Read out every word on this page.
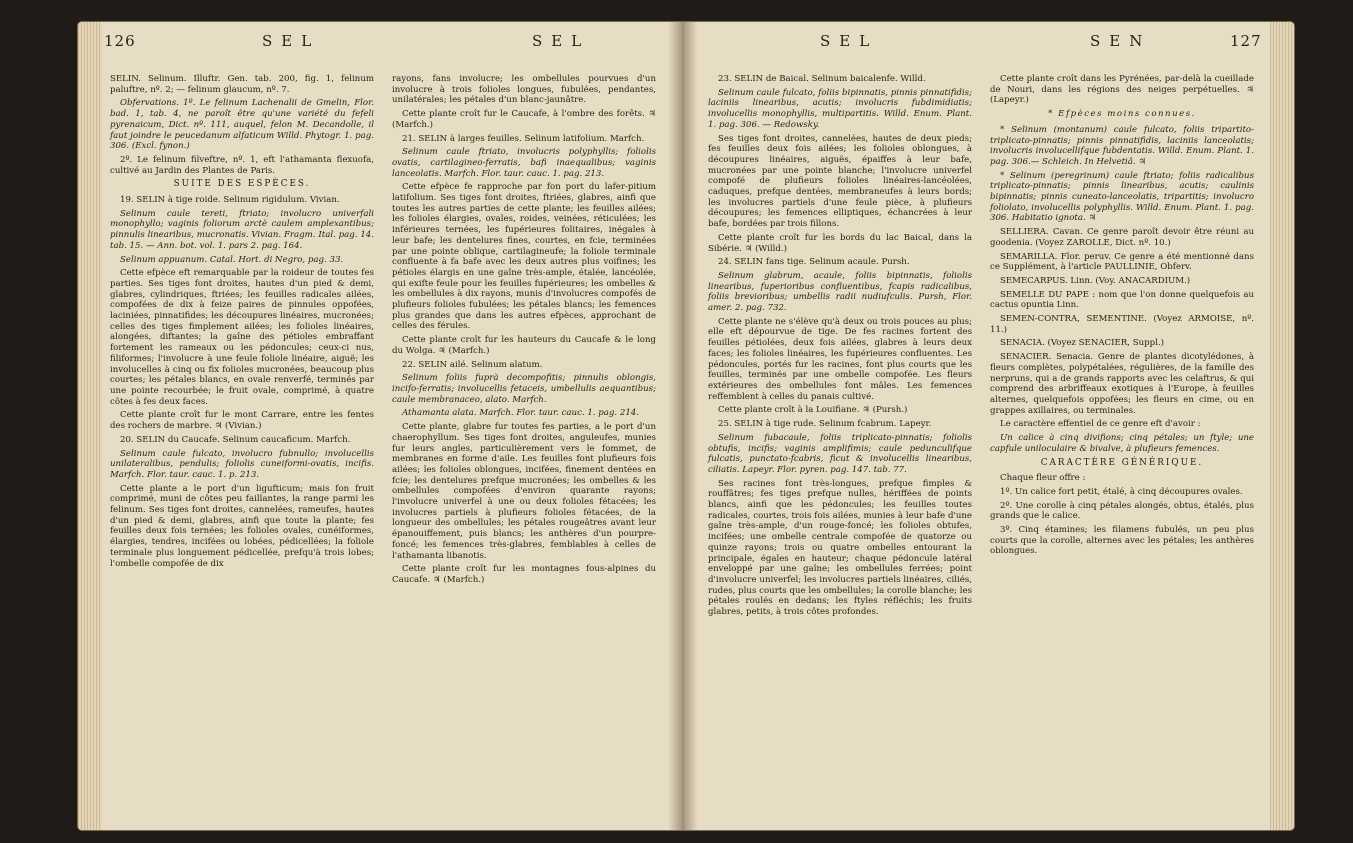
126	SEL	SEL

SELIN. Selinum. Illuftr. Gen. tab. 200, fig. 1, felinum paluftre, nº. 2; — felinum glaucum, nº. 7.

Obfervations. 1º. Le felinum Lachenalii de Gmelin, Flor. bad. 1, tab. 4, ne paroît être qu'une variété du fefeli pyrenaicum, Dict. nº. 111, auquel, felon M. Decandolle, il faut joindre le peucedanum alfaticum Willd. Phytogr. 1. pag. 306. (Excl. fynon.)

2º. Le felinum filveftre, nº. 1, eft l'athamanta flexuofa, cultivé au Jardin des Plantes de Paris.

SUITE DES ESPÈCES.

19. SELIN à tige roide. Selinum rigidulum. Vivian.

Selinum caule tereti, ftriato; involucro univerfali monophyllo; vaginis foliorum arctè caulem amplexantibus; pinnulis linearibus, mucronatis. Vivian. Fragm. Ital. pag. 14. tab. 15. — Ann. bot. vol. 1. pars 2. pag. 164.

Selinum appuanum. Catal. Hort. di Negro, pag. 33.

Cette efpèce eft remarquable par la roideur de toutes fes parties. Ses tiges font droites, hautes d'un pied & demi, glabres, cylindriques, ftriées; les feuilles radicales ailées, compofées de dix à feize paires de pinnules oppofées, laciniées, pinnatifides; les découpures linéaires, mucronées; celles des tiges fimplement ailées; les folioles linéaires, alongées, diftantes; la gaîne des pétioles embraffant fortement les rameaux ou les pédoncules; ceux-ci nus, filiformes; l'involucre à une feule foliole linéaire, aiguë; les involucelles à cinq ou fix folioles mucronées, beaucoup plus courtes; les pétales blancs, en ovale renverfé, terminés par une pointe recourbée; le fruit ovale, comprimé, à quatre côtes à fes deux faces.

Cette plante croît fur le mont Carrare, entre les fentes des rochers de marbre. ♃ (Vivian.)

20. SELIN du Caucafe. Selinum caucaficum. Marfch.

Selinum caule fulcato, involucro fubnullo; involucellis unilateralibus, pendulis; foliolis cuneiformi-ovatis, incifis. Marfch. Flor. taur. cauc. 1. p. 213.

Cette plante a le port d'un ligufticum; mais fon fruit comprimé, muni de côtes peu faillantes, la range parmi les felinum. Ses tiges font droites, cannelées, rameufes, hautes d'un pied & demi, glabres, ainfi que toute la plante; fes feuilles deux fois ternées; les folioles ovales, cunéiformes, élargies, tendres, incifées ou lobées, pédicellées; la foliole terminale plus longuement pédicellée, prefqu'à trois lobes; l'ombelle compofée de dix

rayons, fans involucre; les ombellules pourvues d'un involucre à trois folioles longues, fubulées, pendantes, unilatérales; les pétales d'un blanc-jaunâtre.

Cette plante croît fur le Caucafe, à l'ombre des forêts. ♃ (Marfch.)

21. SELIN à larges feuilles. Selinum latifolium. Marfch.

Selinum caule ftriato, involucris polyphyllis; foliolis ovatis, cartilagineo-ferratis, bafi inaequalibus; vaginis lanceolatis. Marfch. Flor. taur. cauc. 1. pag. 213.

Cette efpèce fe rapproche par fon port du lafer-pitium latifolium. Ses tiges font droites, ftriées, glabres, ainfi que toutes les autres parties de cette plante; les feuilles ailées; les folioles élargies, ovales, roides, veinées, réticulées; les inférieures ternées, les fupérieures folitaires, inégales à leur bafe; les dentelures fines, courtes, en fcie, terminées par une pointe oblique, cartilagineufe; la foliole terminale confluente à fa bafe avec les deux autres plus voifines; les pétioles élargis en une gaîne très-ample, étalée, lancéolée, qui exifte feule pour les feuilles fupérieures; les ombelles & les ombellules à dix rayons, munis d'involucres compofés de plufieurs folioles fubulées; les pétales blancs; les femences plus grandes que dans les autres efpèces, approchant de celles des férules.

Cette plante croît fur les hauteurs du Caucafe & le long du Wolga. ♃ (Marfch.)

22. SELIN ailé. Selinum alatum.

Selinum foliis fuprà decompofitis; pinnulis oblongis, incifo-ferratis; involucellis fetaceis, umbellulis aequantibus; caule membranaceo, alato. Marfch.

Athamanta alata. Marfch. Flor. taur. cauc. 1. pag. 214.

Cette plante, glabre fur toutes fes parties, a le port d'un chaerophyllum. Ses tiges font droites, anguleufes, munies fur leurs angles, particulièrement vers le fommet, de membranes en forme d'aile. Les feuilles font plufieurs fois ailées; les folioles oblongues, incifées, finement dentées en fcie; les dentelures prefque mucronées; les ombelles & les ombellules compofées d'environ quarante rayons; l'involucre univerfel à une ou deux folioles fétacées; les involucres partiels à plufieurs folioles fétacées, de la longueur des ombellules; les pétales rougeâtres avant leur épanouiffement, puis blancs; les anthères d'un pourpre-foncé; les femences très-glabres, femblables à celles de l'athamanta libanotis.

Cette plante croît fur les montagnes fous-alpines du Caucafe. ♃ (Marfch.)

SEL	SEN	127

23. SELIN de Baical. Selinum baicalenfe. Willd.

Selinum caule fulcato, foliis bipinnatis, pinnis pinnatifidis; laciniis linearibus, acutis; involucris fubdimidiatis; involucellis monophyllis, multipartitis. Willd. Enum. Plant. 1. pag. 306. — Redowsky.

Ses tiges font droites, cannelées, hautes de deux pieds; fes feuilles deux fois ailées; les folioles oblongues, à découpures linéaires, aiguës, épaiffes à leur bafe, mucronées par une pointe blanche; l'involucre univerfel compofé de plufieurs folioles linéaires-lancéolées, caduques, prefque dentées, membraneufes à leurs bords; les involucres partiels d'une feule pièce, à plufieurs découpures; les femences elliptiques, échancrées à leur bafe, bordées par trois fillons.

Cette plante croît fur les bords du lac Baical, dans la Sibérie. ♃ (Willd.)

24. SELIN fans tige. Selinum acaule. Pursh.

Selinum glabrum, acaule, foliis bipinnatis, foliolis linearibus, fuperioribus confluentibus, fcapis radicalibus, foliis brevioribus; umbellis radii nudiufculis. Pursh, Flor. amer. 2. pag. 732.

Cette plante ne s'élève qu'à deux ou trois pouces au plus; elle eft dépourvue de tige. De fes racines fortent des feuilles pétiolées, deux fois ailées, glabres à leurs deux faces; les folioles linéaires, les fupérieures confluentes. Les pédoncules, portés fur les racines, font plus courts que les feuilles, terminés par une ombelle compofée. Les fleurs extérieures des ombellules font mâles. Les femences reffemblent à celles du panais cultivé.

Cette plante croît à la Louifiane. ♃ (Pursh.)

25. SELIN à tige rude. Selinum fcabrum. Lapeyr.

Selinum fubacaule, foliis triplicato-pinnatis; foliolis obtufis, incifis; vaginis amplifimis; caule pedunculifque fulcatis, punctato-fcabris, ficut & involucellis linearibus, ciliatis. Lapeyr. Flor. pyren. pag. 147. tab. 77.

Ses racines font très-longues, prefque fimples & rouffâtres; fes tiges prefque nulles, hériffées de points blancs, ainfi que les pédoncules; les feuilles toutes radicales, courtes, trois fois ailées, munies à leur bafe d'une gaîne très-ample, d'un rouge-foncé; les folioles obtufes, incifées; une ombelle centrale compofée de quatorze ou quinze rayons; trois ou quatre ombelles entourant la principale, égales en hauteur; chaque pédoncule latéral enveloppé par une gaîne; les ombellules ferrées; point d'involucre univerfel; les involucres partiels linéaires, ciliés, rudes, plus courts que les ombellules; la corolle blanche; les pétales roulés en dedans; les ftyles réfléchis; les fruits glabres, petits, à trois côtes profondes.

Cette plante croît dans les Pyrénées, par-delà la cueillade de Nouri, dans les régions des neiges perpétuelles. ♃ (Lapeyr.)

* Efpèces moins connues.

* Selinum (montanum) caule fulcato, foliis tripartito-triplicato-pinnatis; pinnis pinnatifidis, laciniis lanceolatis; involucris involucellifque fubdentatis. Willd. Enum. Plant. 1. pag. 306.— Schleich. In Helvetiâ. ♃

* Selinum (peregrinum) caule ftriato; foliis radicalibus triplicato-pinnatis; pinnis linearibus, acutis; caulinis bipinnatis; pinnis cuneato-lanceolatis, tripartitis; involucro foliolato, involucellis polyphyllis. Willd. Enum. Plant. 1. pag. 306. Habitatio ignota. ♃

SELLIERA. Cavan. Ce genre paroît devoir être réuni au goodenia. (Voyez ZAROLLE, Dict. nº. 10.)

SEMARILLA. Flor. peruv. Ce genre a été mentionné dans ce Supplément, à l'article PAULLINIE, Obferv.

SEMECARPUS. Linn. (Voy. ANACARDIUM.)

SEMELLE DU PAPE : nom que l'on donne quelquefois au cactus opuntia Linn.

SEMEN-CONTRA, SEMENTINE. (Voyez ARMOISE, nº. 11.)

SENACIA. (Voyez SENACIER, Suppl.)

SENACIER. Senacia. Genre de plantes dicotylédones, à fleurs complètes, polypétalées, régulières, de la famille des nerpruns, qui a de grands rapports avec les celaftrus, & qui comprend des arbriffeaux exotiques à l'Europe, à feuilles alternes, quelquefois oppofées; les fleurs en cime, ou en grappes axillaires, ou terminales.

Le caractère effentiel de ce genre eft d'avoir :

Un calice à cinq divifions; cinq pétales; un ftyle; une capfule uniloculaire & bivalve, à plufieurs femences.

CARACTÈRE GÉNÉRIQUE.

Chaque fleur offre :

1º. Un calice fort petit, étalé, à cinq découpures ovales.

2º. Une corolle à cinq pétales alongés, obtus, étalés, plus grands que le calice.

3º. Cinq étamines; les filamens fubulés, un peu plus courts que la corolle, alternes avec les pétales; les anthères oblongues.
